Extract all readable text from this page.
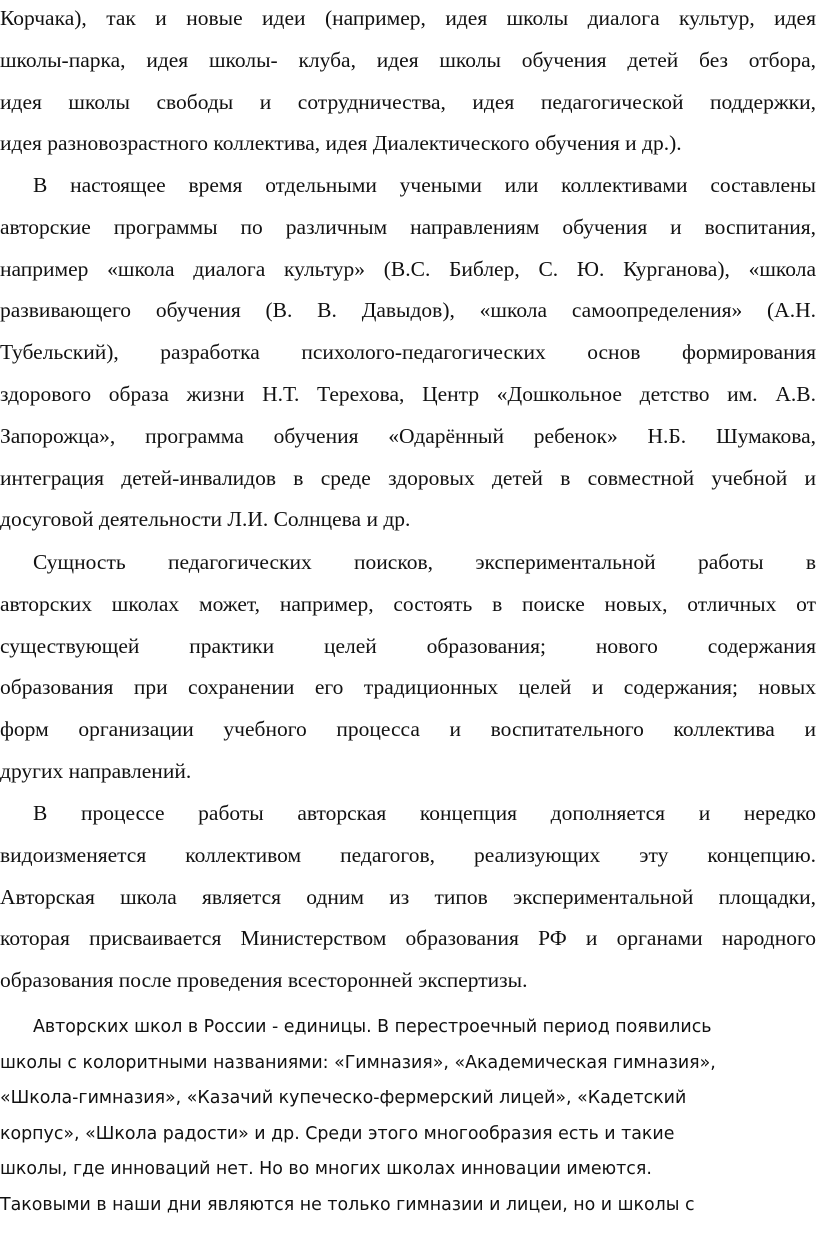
Корчака), так и новые идеи (например, идея школы диалога культур, идея
школы-парка, идея школы- клуба, идея школы обучения детей без отбора,
идея школы свободы и сотрудничества, идея педагогической поддержки,
идея разновозрастного коллектива, идея Диалектического обучения и др.).
В настоящее время отдельными учеными или коллективами составлены
авторские программы по различным направлениям обучения и воспитания,
например «школа диалога культур» (В.С. Библер, С. Ю. Курганова), «школа
развивающего обучения (В. В. Давыдов), «школа самоопределения» (А.Н.
Тубельский), разработка психолого-педагогических основ формирования
здорового образа жизни Н.Т. Терехова, Центр «Дошкольное детство им. А.В.
Запорожца», программа обучения «Одарённый ребенок» Н.Б. Шумакова,
интеграция детей-инвалидов в среде здоровых детей в совместной учебной и
досуговой деятельности Л.И. Солнцева и др.
Сущность педагогических поисков, экспериментальной работы в
авторских школах может, например, состоять в поиске новых, отличных от
существующей практики целей образования; нового содержания
образования при сохранении его традиционных целей и содержания; новых
форм организации учебного процесса и воспитательного коллектива и
других направлений.
В процессе работы авторская концепция дополняется и нередко
видоизменяется коллективом педагогов, реализующих эту концепцию.
Авторская школа является одним из типов экспериментальной площадки,
которая присваивается Министерством образования РФ и органами народного
образования после проведения всесторонней экспертизы.
Авторских школ в России - единицы. В перестроечный период появились
школы с колоритными названиями: «Гимназия», «Академическая гимназия»,
«Школа-гимназия», «Казачий купеческо-фермерский лицей», «Кадетский
корпус», «Школа радости» и др. Среди этого многообразия есть и такие
школы, где инноваций нет. Но во многих школах инновации имеются.
Таковыми в наши дни являются не только гимназии и лицеи, но и школы с
